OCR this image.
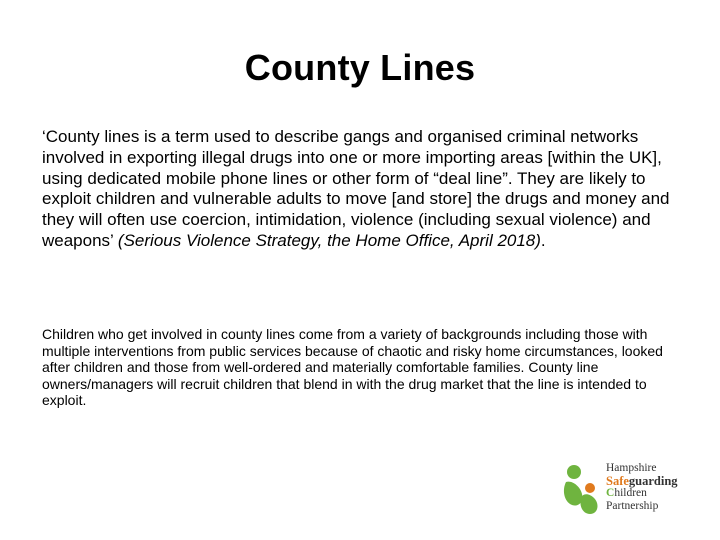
County Lines

‘County lines is a term used to describe gangs and organised criminal networks involved in exporting illegal drugs into one or more importing areas [within the UK], using dedicated mobile phone lines or other form of “deal line”. They are likely to exploit children and vulnerable adults to move [and store] the drugs and money and they will often use coercion, intimidation, violence (including sexual violence) and weapons’ (Serious Violence Strategy, the Home Office, April 2018).

Children who get involved in county lines come from a variety of backgrounds including those with multiple interventions from public services because of chaotic and risky home circumstances, looked after children and those from well-ordered and materially comfortable families. County line owners/managers will recruit children that blend in with the drug market that the line is intended to exploit.

Hampshire
Safeguarding
Children
Partnership
